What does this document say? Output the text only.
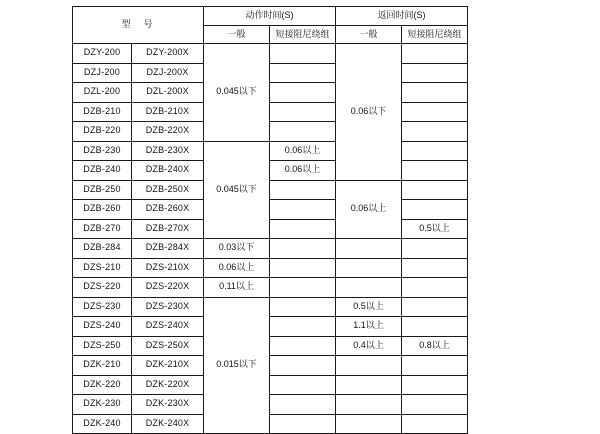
型　号		动作时间(S)		返回时间(S)	
		一般	短接阻尼绕组	一般	短接阻尼绕组
DZY-200	DZY-200X	0.045以下		0.06以下	
DZJ-200	DZJ-200X				
DZL-200	DZL-200X				
DZB-210	DZB-210X				
DZB-220	DZB-220X				
DZB-230	DZB-230X	0.045以下	0.06以上		
DZB-240	DZB-240X		0.06以上		
DZB-250	DZB-250X			0.06以上	
DZB-260	DZB-260X				
DZB-270	DZB-270X				0.5以上
DZB-284	DZB-284X	0.03以下			
DZS-210	DZS-210X	0.06以上			
DZS-220	DZS-220X	0.11以上			
DZS-230	DZS-230X	0.015以下		0.5以上	
DZS-240	DZS-240X			1.1以上	
DZS-250	DZS-250X			0.4以上	0.8以上
DZK-210	DZK-210X				
DZK-220	DZK-220X				
DZK-230	DZK-230X				
DZK-240	DZK-240X				
